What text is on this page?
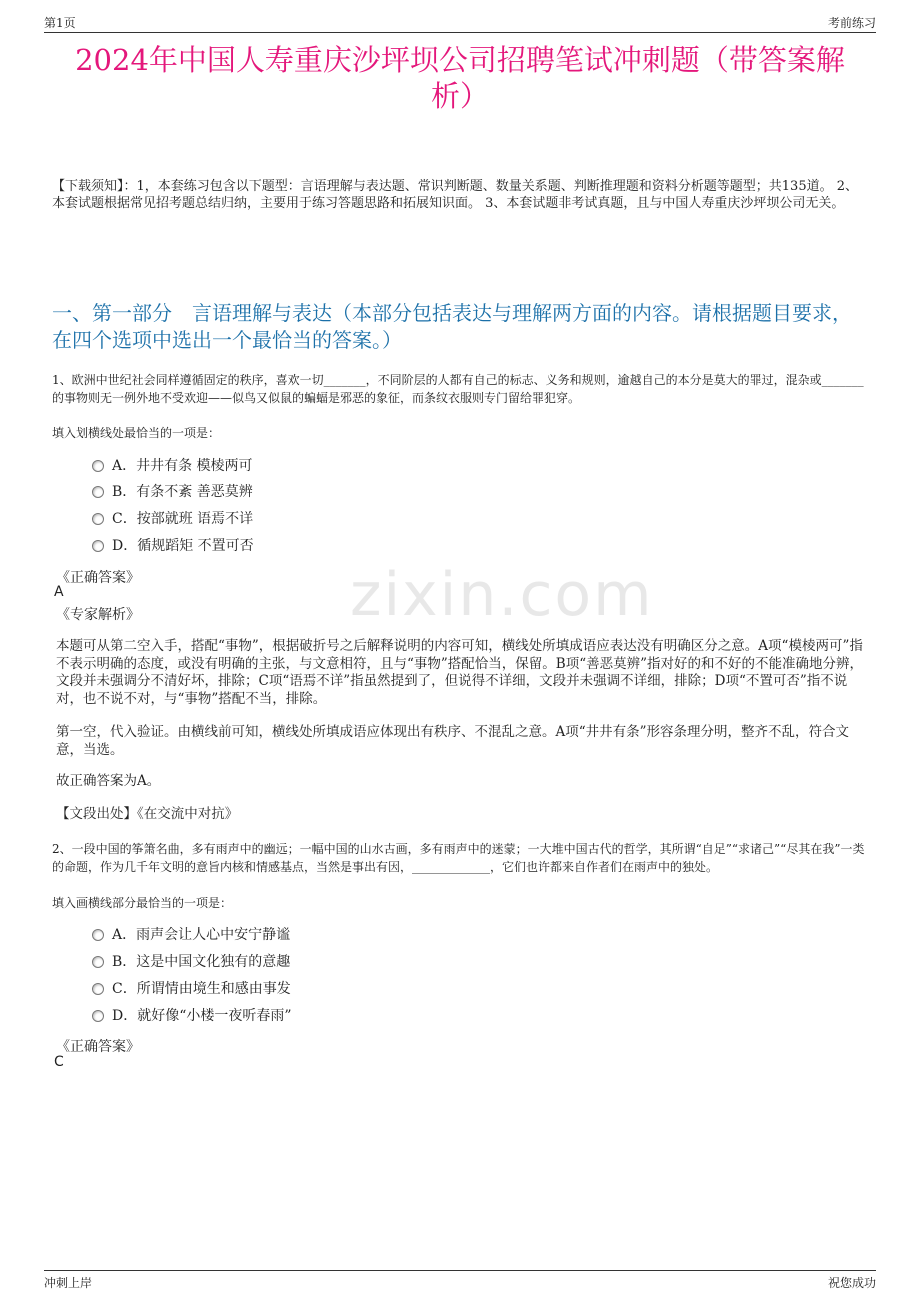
第1页	考前练习
2024年中国人寿重庆沙坪坝公司招聘笔试冲刺题（带答案解析）
【下载须知】：1，本套练习包含以下题型：言语理解与表达题、常识判断题、数量关系题、判断推理题和资料分析题等题型；共135道。 2、本套试题根据常见招考题总结归纳，主要用于练习答题思路和拓展知识面。 3、本套试题非考试真题，且与中国人寿重庆沙坪坝公司无关。
一、第一部分　言语理解与表达（本部分包括表达与理解两方面的内容。请根据题目要求，在四个选项中选出一个最恰当的答案。）
zixin.com
1、欧洲中世纪社会同样遵循固定的秩序，喜欢一切_______，不同阶层的人都有自己的标志、义务和规则，逾越自己的本分是莫大的罪过，混杂或_______的事物则无一例外地不受欢迎——似鸟又似鼠的蝙蝠是邪恶的象征，而条纹衣服则专门留给罪犯穿。
填入划横线处最恰当的一项是：
A．井井有条 模棱两可
B．有条不紊 善恶莫辨
C．按部就班 语焉不详
D．循规蹈矩 不置可否
《正确答案》
A
《专家解析》
本题可从第二空入手，搭配“事物”，根据破折号之后解释说明的内容可知，横线处所填成语应表达没有明确区分之意。A项“模棱两可”指不表示明确的态度，或没有明确的主张，与文意相符，且与“事物”搭配恰当，保留。B项“善恶莫辨”指对好的和不好的不能准确地分辨，文段并未强调分不清好坏，排除；C项“语焉不详”指虽然提到了，但说得不详细，文段并未强调不详细，排除；D项“不置可否”指不说对，也不说不对，与“事物”搭配不当，排除。
第一空，代入验证。由横线前可知，横线处所填成语应体现出有秩序、不混乱之意。A项“井井有条”形容条理分明，整齐不乱，符合文意，当选。
故正确答案为A。
【文段出处】《在交流中对抗》
2、一段中国的筝箫名曲，多有雨声中的幽远；一幅中国的山水古画，多有雨声中的迷蒙；一大堆中国古代的哲学，其所谓“自足”“求诸己”“尽其在我”一类的命题，作为几千年文明的意旨内核和情感基点，当然是事出有因，_____________，它们也许都来自作者们在雨声中的独处。
填入画横线部分最恰当的一项是：
A．雨声会让人心中安宁静谧
B．这是中国文化独有的意趣
C．所谓情由境生和感由事发
D．就好像“小楼一夜听春雨”
《正确答案》
C
冲刺上岸	祝您成功
